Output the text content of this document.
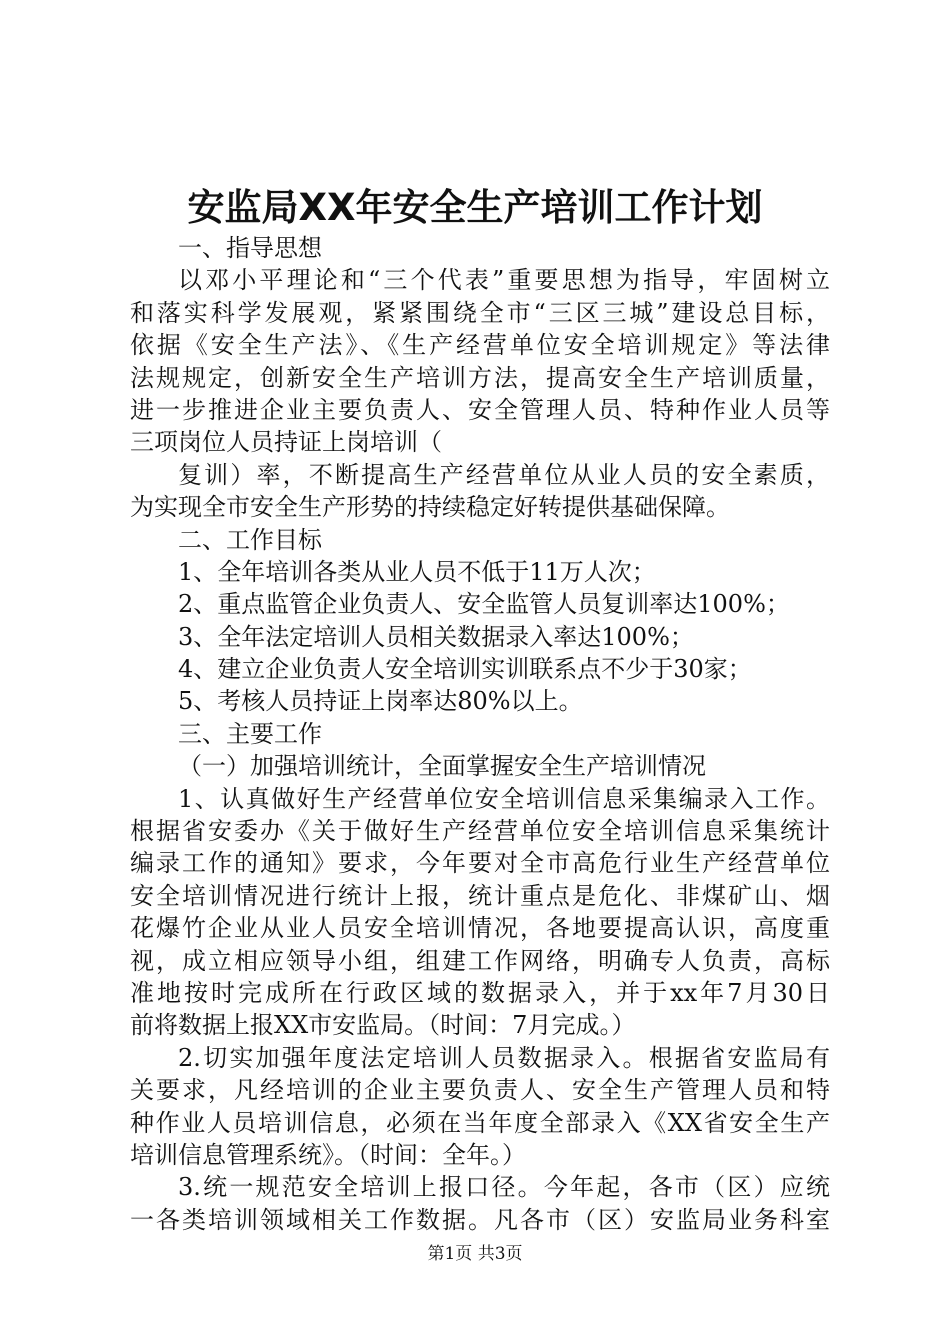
安监局XX年安全生产培训工作计划
一、指导思想
以邓小平理论和“三个代表”重要思想为指导，牢固树立
和落实科学发展观，紧紧围绕全市“三区三城”建设总目标，
依据《安全生产法》、《生产经营单位安全培训规定》等法律
法规规定，创新安全生产培训方法，提高安全生产培训质量，
进一步推进企业主要负责人、安全管理人员、特种作业人员等
三项岗位人员持证上岗培训（
复训）率，不断提高生产经营单位从业人员的安全素质，
为实现全市安全生产形势的持续稳定好转提供基础保障。
二、工作目标
1、全年培训各类从业人员不低于11万人次；
2、重点监管企业负责人、安全监管人员复训率达100%；
3、全年法定培训人员相关数据录入率达100%；
4、建立企业负责人安全培训实训联系点不少于30家；
5、考核人员持证上岗率达80%以上。
三、主要工作
（一）加强培训统计，全面掌握安全生产培训情况
1、认真做好生产经营单位安全培训信息采集编录入工作。
根据省安委办《关于做好生产经营单位安全培训信息采集统计
编录工作的通知》要求，今年要对全市高危行业生产经营单位
安全培训情况进行统计上报，统计重点是危化、非煤矿山、烟
花爆竹企业从业人员安全培训情况，各地要提高认识，高度重
视，成立相应领导小组，组建工作网络，明确专人负责，高标
准地按时完成所在行政区域的数据录入，并于xx年7月30日
前将数据上报XX市安监局。（时间：7月完成。）
2.切实加强年度法定培训人员数据录入。根据省安监局有
关要求，凡经培训的企业主要负责人、安全生产管理人员和特
种作业人员培训信息，必须在当年度全部录入《XX省安全生产
培训信息管理系统》。（时间：全年。）
3.统一规范安全培训上报口径。今年起，各市（区）应统
一各类培训领域相关工作数据。凡各市（区）安监局业务科室
第1页 共3页
